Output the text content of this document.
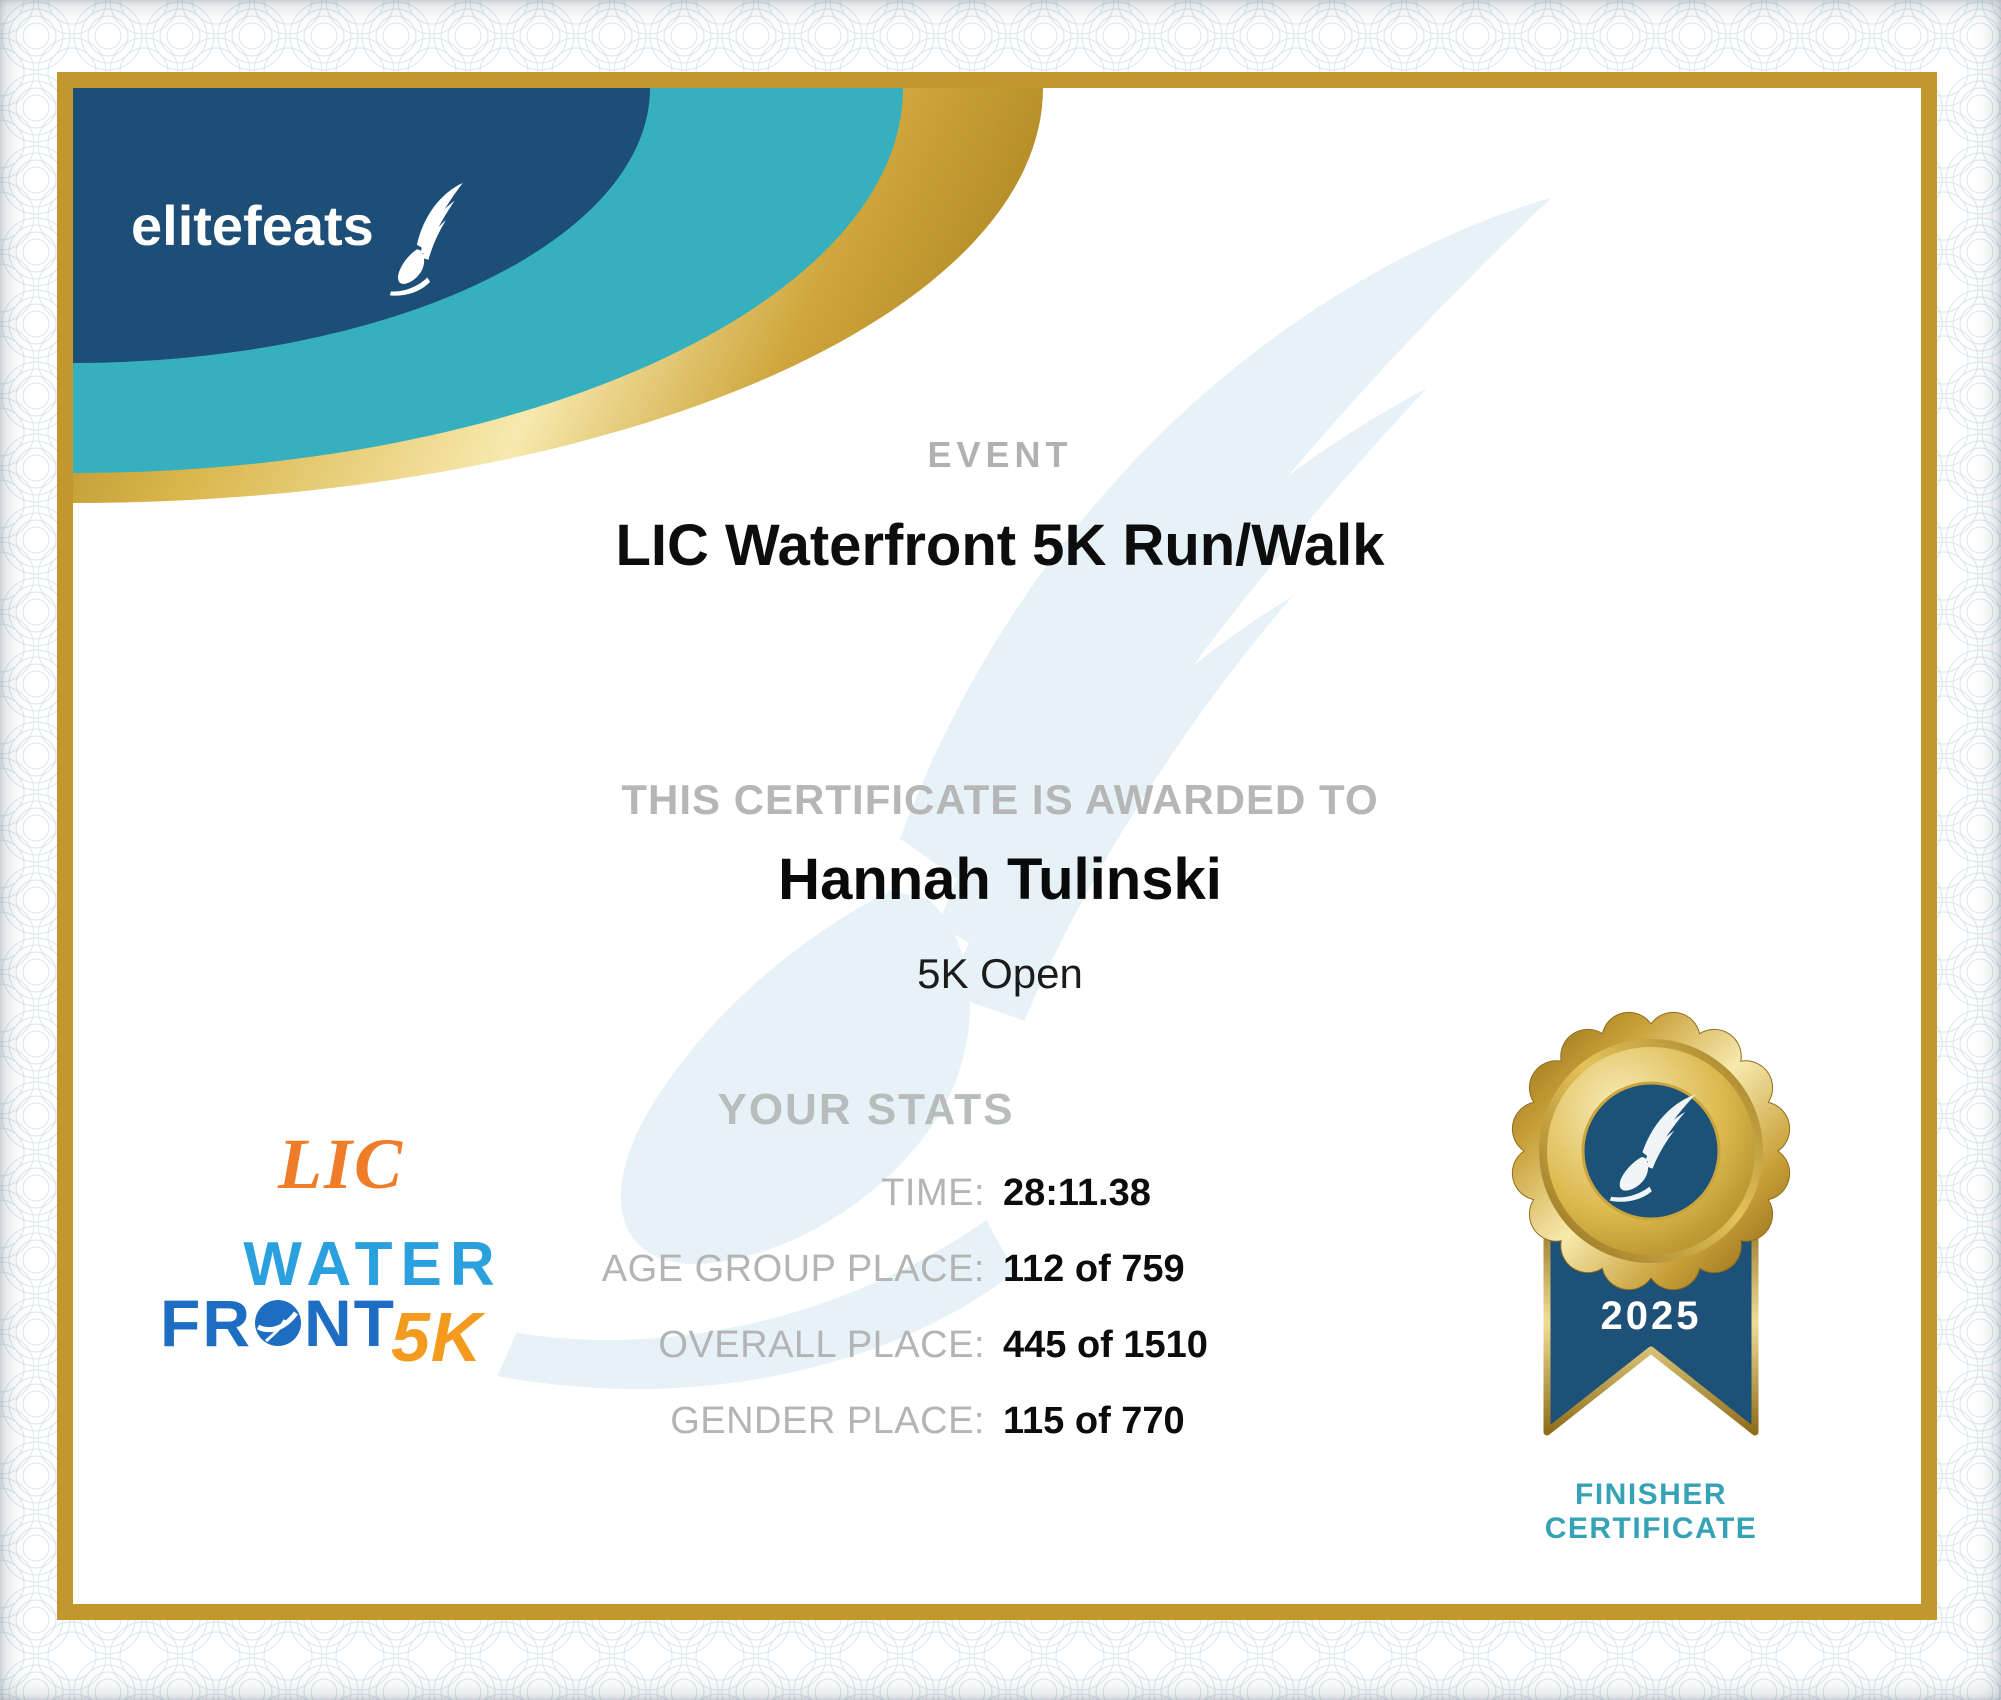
elitefeats
EVENT
LIC Waterfront 5K Run/Walk
THIS CERTIFICATE IS AWARDED TO
Hannah Tulinski
5K Open
YOUR STATS
TIME: 28:11.38
AGE GROUP PLACE: 112 of 759
OVERALL PLACE: 445 of 1510
GENDER PLACE: 115 of 770
LIC
WATER
FR NT
5K	2025
FINISHER
CERTIFICATE
